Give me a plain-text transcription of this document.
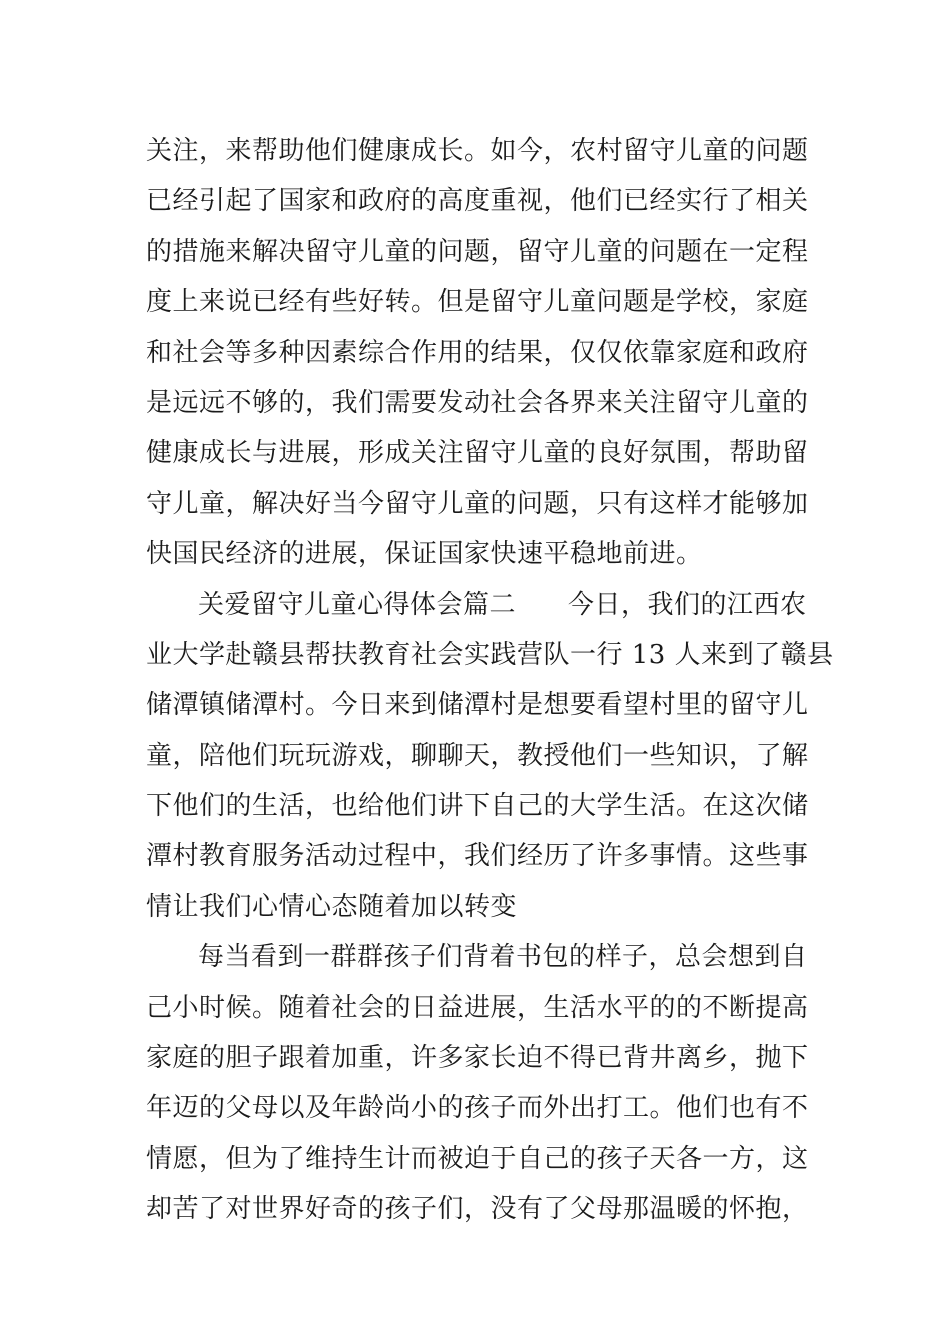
关注，来帮助他们健康成长。如今，农村留守儿童的问题
已经引起了国家和政府的高度重视，他们已经实行了相关
的措施来解决留守儿童的问题，留守儿童的问题在一定程
度上来说已经有些好转。但是留守儿童问题是学校，家庭
和社会等多种因素综合作用的结果，仅仅依靠家庭和政府
是远远不够的，我们需要发动社会各界来关注留守儿童的
健康成长与进展，形成关注留守儿童的良好氛围，帮助留
守儿童，解决好当今留守儿童的问题，只有这样才能够加
快国民经济的进展，保证国家快速平稳地前进。
关爱留守儿童心得体会篇二 今日，我们的江西农
业大学赴赣县帮扶教育社会实践营队一行 13 人来到了赣县
储潭镇储潭村。今日来到储潭村是想要看望村里的留守儿
童，陪他们玩玩游戏，聊聊天，教授他们一些知识，了解
下他们的生活，也给他们讲下自己的大学生活。在这次储
潭村教育服务活动过程中，我们经历了许多事情。这些事
情让我们心情心态随着加以转变
每当看到一群群孩子们背着书包的样子，总会想到自
己小时候。随着社会的日益进展，生活水平的的不断提高
家庭的胆子跟着加重，许多家长迫不得已背井离乡，抛下
年迈的父母以及年龄尚小的孩子而外出打工。他们也有不
情愿，但为了维持生计而被迫于自己的孩子天各一方，这
却苦了对世界好奇的孩子们，没有了父母那温暖的怀抱，
